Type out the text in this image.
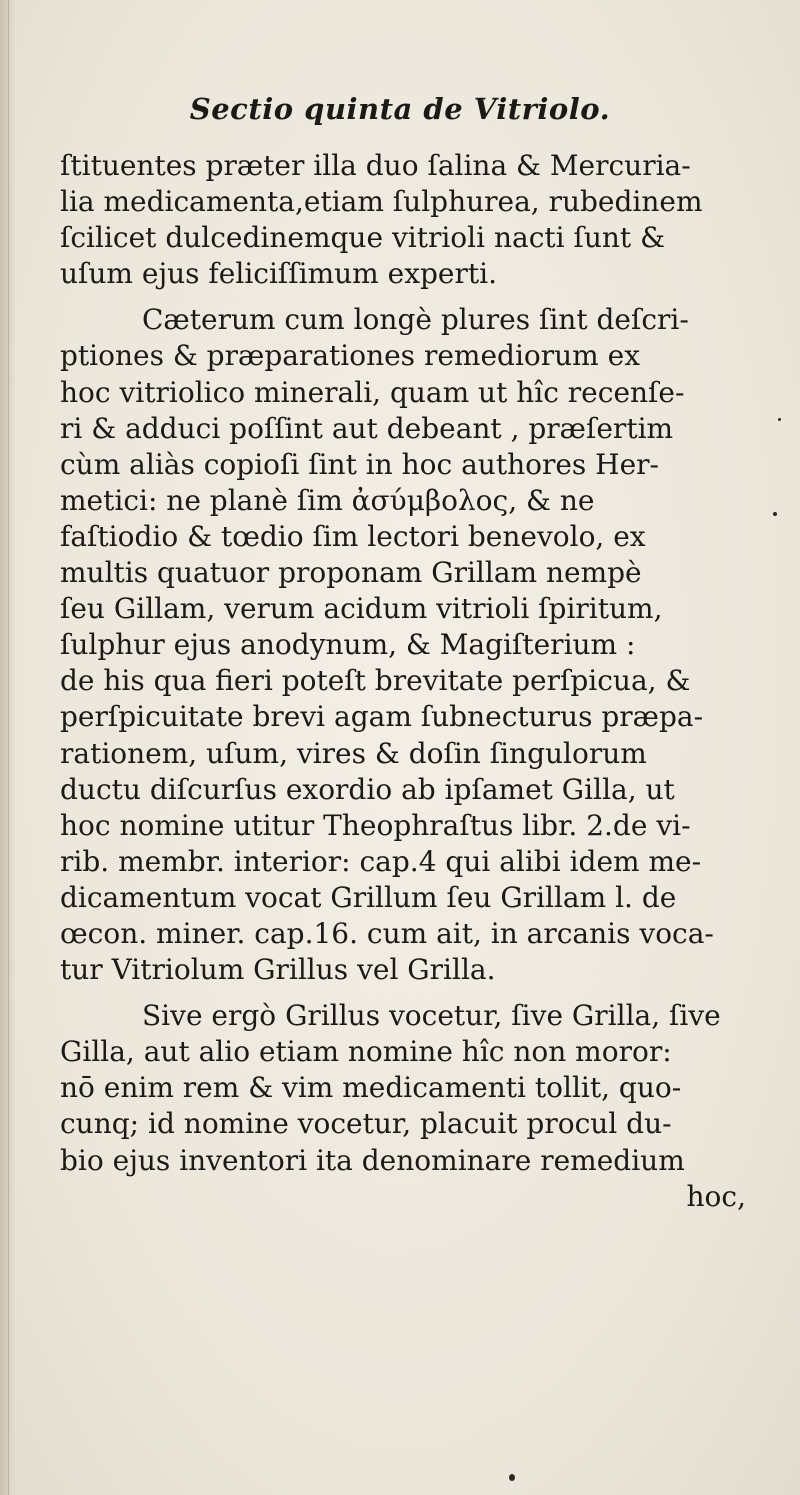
Sectio quinta de Vitriolo.
ſtituentes præter illa duo ſalina & Mercuria-
lia medicamenta,etiam ſulphurea, rubedinem
ſcilicet dulcedinemque vitrioli nacti ſunt &
uſum ejus feliciſſimum experti.
Cæterum cum longè plures ſint deſcri-
ptiones & præparationes remediorum ex
hoc vitriolico minerali, quam ut hîc recenſe-
ri & adduci poſſint aut debeant , præſertim
cùm aliàs copioſi ſint in hoc authores Her-
metici: ne planè ſim ἀσύμβολος, & ne
faſtiodio & tœdio ſim lectori benevolo, ex
multis quatuor proponam Grillam nempè
ſeu Gillam, verum acidum vitrioli ſpiritum,
ſulphur ejus anodynum, & Magiſterium :
de his qua fieri poteſt brevitate perſpicua, &
perſpicuitate brevi agam ſubnecturus præpa-
rationem, uſum, vires & doſin ſingulorum
ductu diſcurſus exordio ab ipſamet Gilla, ut
hoc nomine utitur Theophraſtus libr. 2.de vi-
rib. membr. interior: cap.4 qui alibi idem me-
dicamentum vocat Grillum ſeu Grillam l. de
œcon. miner. cap.16. cum ait, in arcanis voca-
tur Vitriolum Grillus vel Grilla.
Sive ergò Grillus vocetur, ſive Grilla, ſive
Gilla, aut alio etiam nomine hîc non moror:
nō enim rem & vim medicamenti tollit, quo-
cunq; id nomine vocetur, placuit procul du-
bio ejus inventori ita denominare remedium
hoc,
